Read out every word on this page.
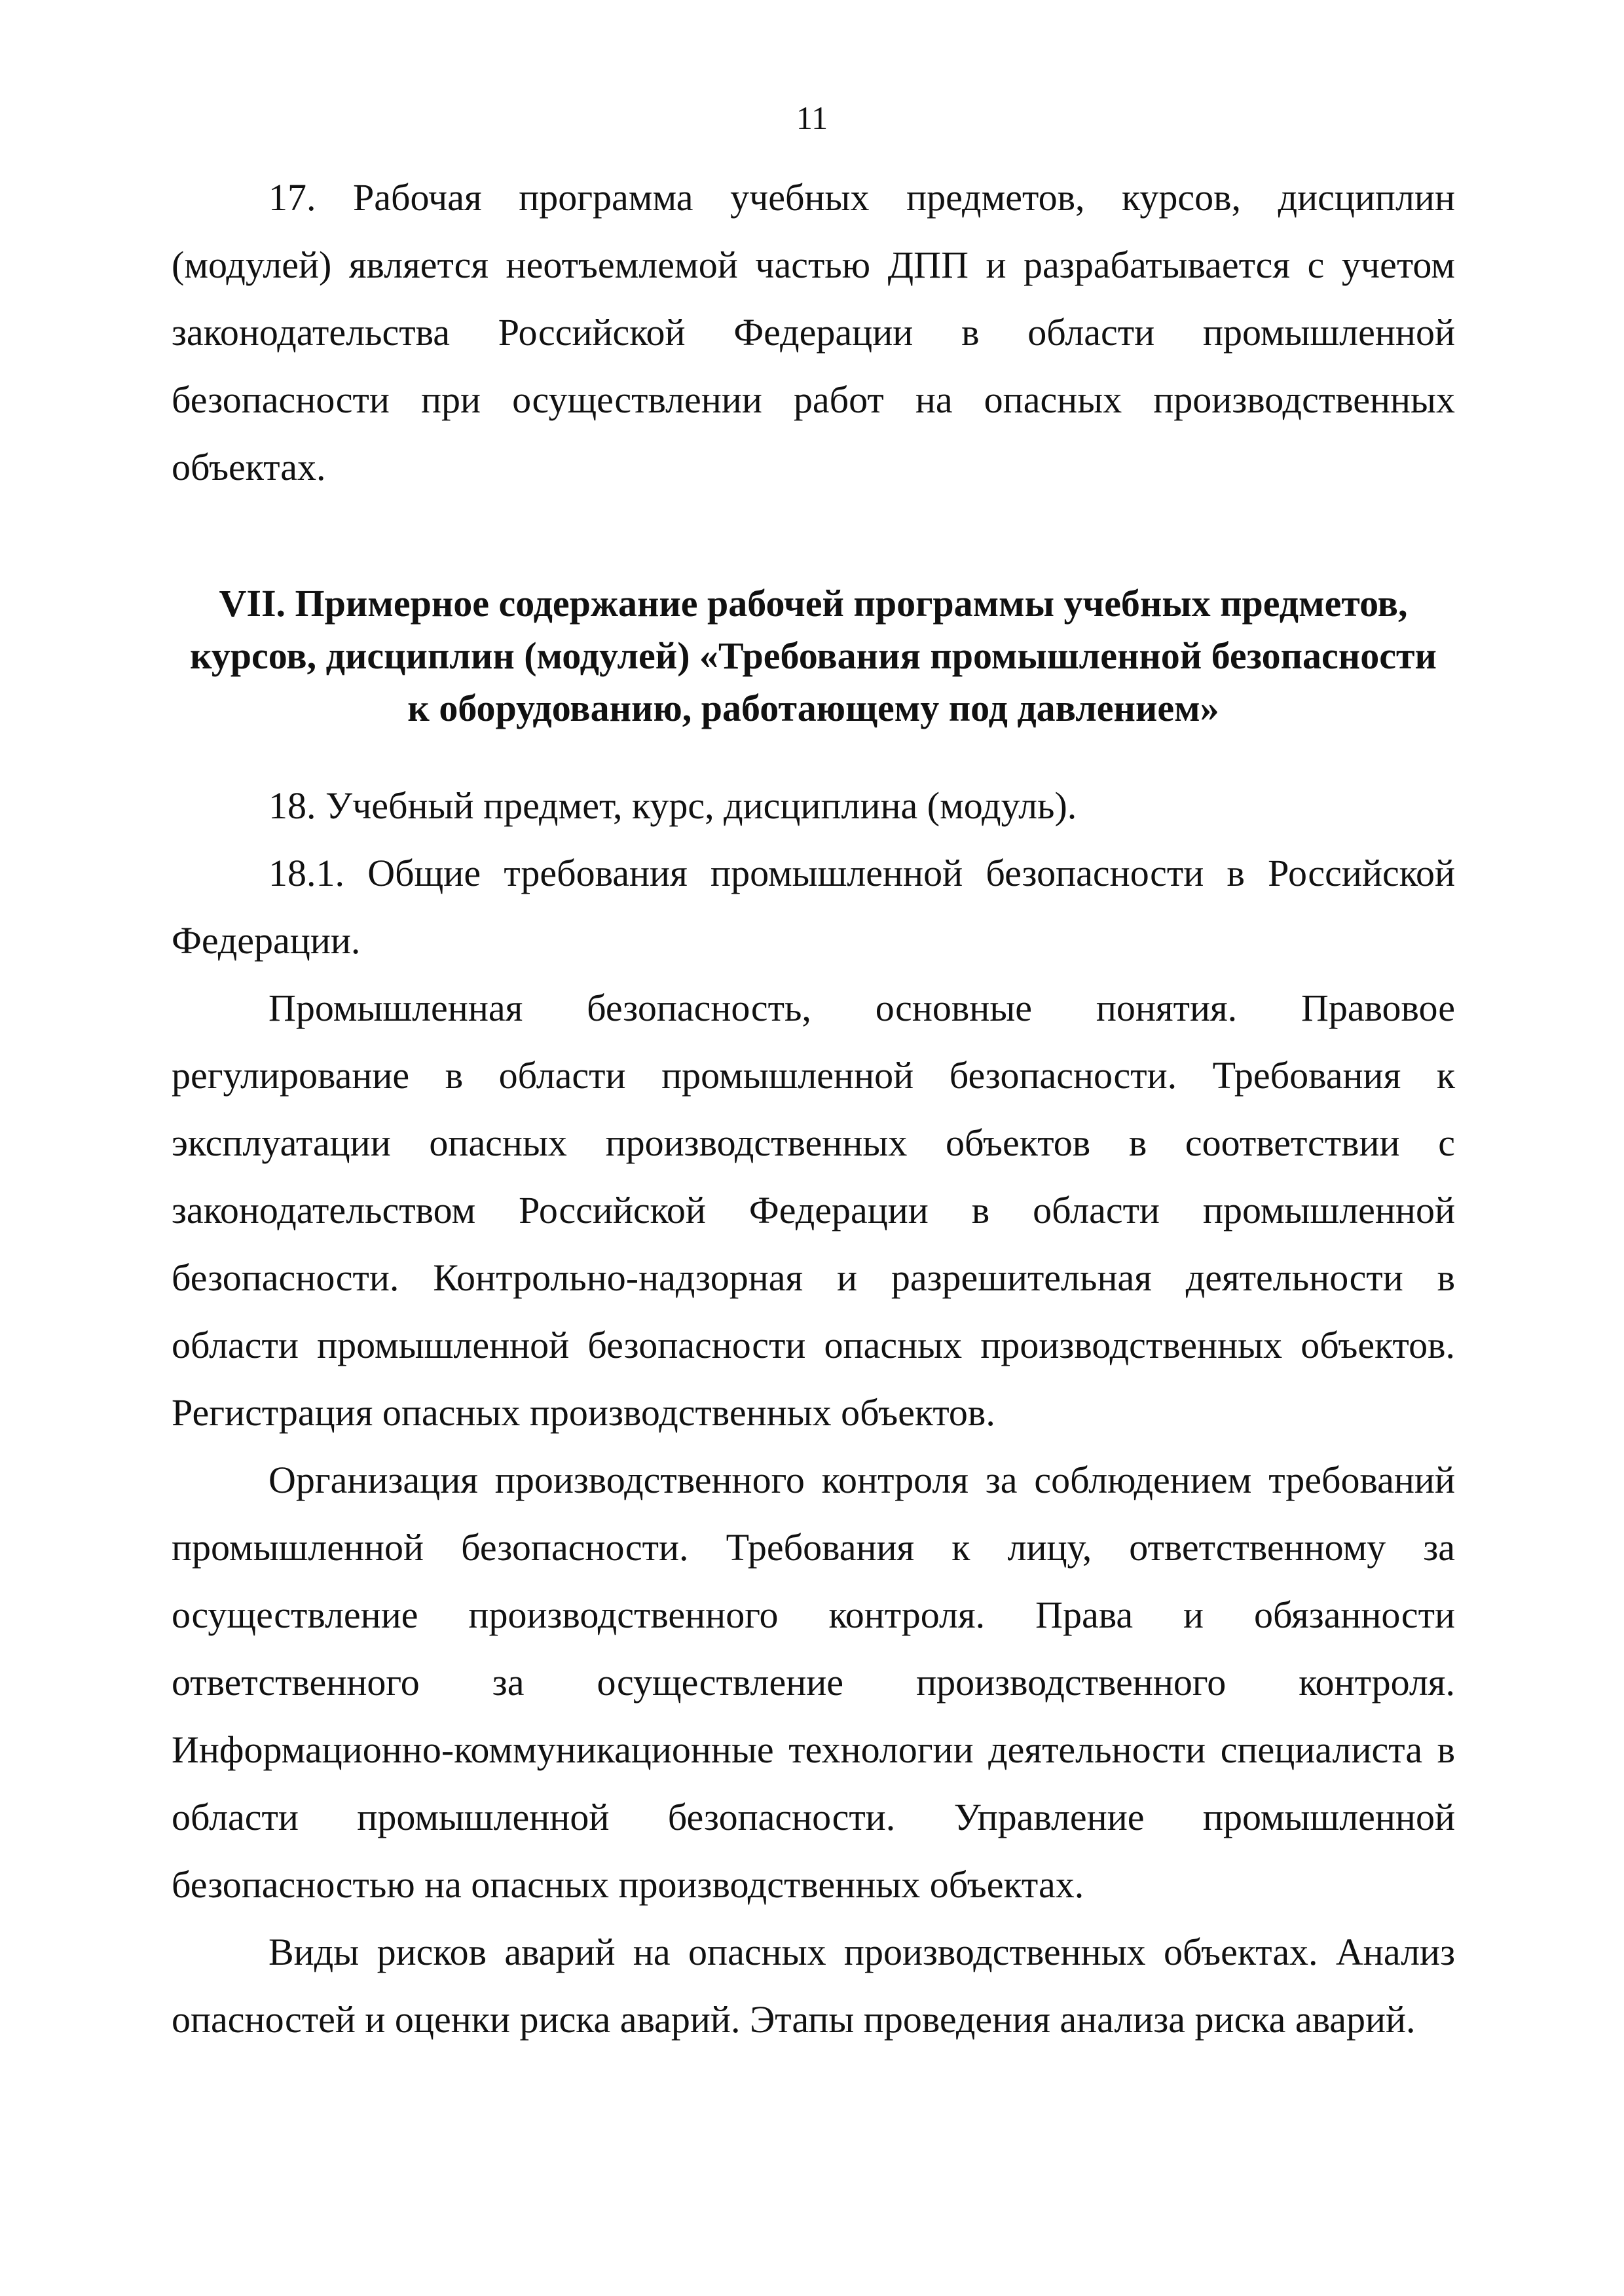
11

17. Рабочая программа учебных предметов, курсов, дисциплин (модулей) является неотъемлемой частью ДПП и разрабатывается с учетом законодательства Российской Федерации в области промышленной безопасности при осуществлении работ на опасных производственных объектах.

VII. Примерное содержание рабочей программы учебных предметов,
курсов, дисциплин (модулей) «Требования промышленной безопасности
к оборудованию, работающему под давлением»

18. Учебный предмет, курс, дисциплина (модуль).

18.1. Общие требования промышленной безопасности в Российской Федерации.

Промышленная безопасность, основные понятия. Правовое регулирование в области промышленной безопасности. Требования к эксплуатации опасных производственных объектов в соответствии с законодательством Российской Федерации в области промышленной безопасности. Контрольно-надзорная и разрешительная деятельности в области промышленной безопасности опасных производственных объектов. Регистрация опасных производственных объектов.

Организация производственного контроля за соблюдением требований промышленной безопасности. Требования к лицу, ответственному за осуществление производственного контроля. Права и обязанности ответственного за осуществление производственного контроля. Информационно-коммуникационные технологии деятельности специалиста в области промышленной безопасности. Управление промышленной безопасностью на опасных производственных объектах.

Виды рисков аварий на опасных производственных объектах. Анализ опасностей и оценки риска аварий. Этапы проведения анализа риска аварий.
